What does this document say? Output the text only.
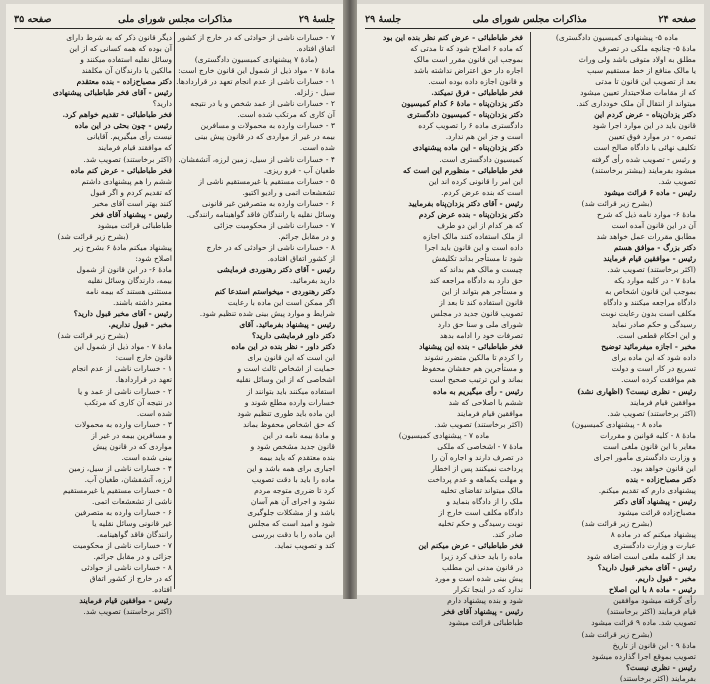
صفحه ۲۴
مذاکرات مجلس شورای ملی
جلسهٔ ۲۹
ماده ۵- پیشنهادی کمیسیون دادگستری)
مادهٔ ۵- چنانچه ملکی در تصرف
مطلق به اولاد متوفی باشد ولی وراث
یا مالک منافع از خط مستقیم سبب
بعد از تصویب این قانون تا مدتی
که از مقامات صلاحیتدار تعیین میشود
میتواند از انتقال آن ملک خودداری کند.
دکتر یزدان‌پناه - عرض کردم این
قانون باید در این موارد اجرا شود
تبصره - در موارد فوق تعیین
تکلیف نهائی با دادگاه صالح است
و رئیس - تصویب شده رأی گرفته
میشود بفرمایند (بیشتر برخاستند)
تصویب شد.
رئیس - ماده ۶ قرائت میشود
(بشرح زیر قرائت شد)
مادهٔ ۶- موارد نامه ذیل که شرح
آن در این قانون آمده است
مطابق مقررات عمل خواهد شد
دکتر بزرگ - موافق هستم
رئیس - موافقین قیام فرمایند
(اکثر برخاستند) تصویب شد.
مادهٔ ۷ - در کلیه موارد یکه
بموجب این قانون اشخاص به
دادگاه مراجعه میکنند و دادگاه
مکلف است بدون رعایت نوبت
رسیدگی و حکم صادر نماید
و این احکام قطعی است.
مخبر - اجازه میفرمائید توضیح
داده شود که این ماده برای
تسریع در کار است و دولت
هم موافقت کرده است.
رئیس - نظری نیست؟ (اظهاری نشد)
موافقین قیام فرمایند
(اکثر برخاستند) تصویب شد.
ماده ۸ - پیشنهادی کمیسیون)
مادهٔ ۸ - کلیه قوانین و مقررات
مغایر با این قانون ملغی است
و وزارت دادگستری مأمور اجرای
این قانون خواهد بود.
دکتر مصباح‌زاده - بنده
پیشنهادی دارم که تقدیم میکنم.
رئیس - پیشنهاد آقای دکتر
مصباح‌زاده قرائت میشود
(بشرح زیر قرائت شد)
پیشنهاد میکنم که در ماده ۸
عبارت و وزارت دادگستری
بعد از کلمه ملغی است اضافه شود
رئیس - آقای مخبر قبول دارید؟
مخبر - قبول داریم.
رئیس - ماده ۸ با این اصلاح
رأی گرفته میشود موافقین
قیام فرمایند (اکثر برخاستند)
تصویب شد. ماده ۹ قرائت میشود
(بشرح زیر قرائت شد)
مادهٔ ۹ - این قانون از تاریخ
تصویب بموقع اجرا گذارده میشود
رئیس - نظری نیست؟
بفرمایند (اکثر برخاستند)
فخر طباطبائی - عرض کنم نظر بنده این بود
که ماده ۶ اصلاح شود که تا مدتی که
بموجب این قانون مقرر است مالک
اجاره دار حق اعتراض نداشته باشد
و قانون اجازه داده بوده است.
فخر طباطبائی - فرق نمیکند.
دکتر یزدان‌پناه - مادهٔ ۶ کدام کمیسیون
دکتر یزدان‌پناه - کمیسیون دادگستری
دادگستری ماده ۶ را تصویب کرده
است و جز این هم ندارد.
دکتر یزدان‌پناه - این ماده پیشنهادی
کمیسیون دادگستری است.
فخر طباطبائی - منظورم این است که
این امر را قانونی کرده اند این
است که بنده عرض کردم.
رئیس - آقای دکتر یزدان‌پناه بفرمایید
دکتر یزدان‌پناه - بنده عرض کردم
که هر کدام از این دو طرف
از ملک استفاده کنند مالک اجازه
داده است و این قانون باید اجرا
شود تا مستأجر بداند تکلیفش
چیست و مالک هم بداند که
حق دارد به دادگاه مراجعه کند
و مستأجر هم بتواند از این
قانون استفاده کند تا بعد از
تصویب قانون جدید در مجلس
شورای ملی و سنا حق دارد
تصرفات خود را ادامه بدهد
فخر طباطبائی - بنده این پیشنهاد
را کردم تا مالکین متضرر نشوند
و مستأجرین هم حقشان محفوظ
بماند و این ترتیب صحیح است
رئیس - رأی میگیریم به ماده
ششم با اصلاحی که شد
موافقین قیام فرمایند
(اکثر برخاستند) تصویب شد.
ماده ۷ - پیشنهادی کمیسیون)
مادهٔ ۷ - اشخاصی که ملکی
در تصرف دارند و اجاره آن را
پرداخت نمیکنند پس از اخطار
و مهلت یکماهه و عدم پرداخت
مالک میتواند تقاضای تخلیه
ملک را از دادگاه بنماید و
دادگاه مکلف است خارج از
نوبت رسیدگی و حکم تخلیه
صادر کند.
فخر طباطبائی - عرض میکنم این
ماده را باید حذف کرد زیرا
در قانون مدنی این مطلب
پیش بینی شده است و مورد
ندارد که در اینجا تکرار
شود و بنده پیشنهاد دارم
رئیس - پیشنهاد آقای فخر
طباطبائی قرائت میشود
جلسهٔ ۲۹
مذاکرات مجلس شورای ملی
صفحه ۳۵
۷ - خسارات ناشی از حوادثی که در خارج از کشور
اتفاق افتاده.
(مادهٔ ۷ پیشنهادی کمیسیون دادگستری)
مادهٔ ۷ - مواد ذیل از شمول این قانون خارج است:
۱ - خسارات ناشی از عدم انجام تعهد در قراردادها.
سیل - زلزله.
۲ - خسارات ناشی از عمد شخص و یا در نتیجه
آن کاری که مرتکب شده است.
۳ - خسارات وارده به محمولات و مسافرین
بیمه در غیر از مواردی که در قانون پیش بینی
شده است.
۴ - خسارات ناشی از سیل، زمین لرزه، آتشفشان.
طغیان آب - فرو ریزی.
۵ - خسارات مستقیم یا غیرمستقیم ناشی از
تشعشعات اتمی و رادیو اکتیو.
۶ - خسارات وارده به متصرفین غیر قانونی
وسائل نقلیه یا رانندگان فاقد گواهینامه رانندگی.
۷ - خسارات ناشی از محکومیت جزائی
و در مقابل جرائم.
۸ - خسارات ناشی از حوادثی که در خارج
از کشور اتفاق افتاده.
رئیس - آقای دکتر رهنوردی فرمایشی
دارید بفرمائید.
دکتر رهنوردی - میخواستم استدعا کنم
اگر ممکن است این ماده با رعایت
شرایط و موارد پیش بینی شده تنظیم شود.
رئیس - پیشنهاد بفرمائید. آقای
دکتر داور فرمایشی دارید؟
دکتر داور - نظر بنده در این ماده
این است که این قانون برای
حمایت از اشخاص ثالث است و
اشخاصی که از این وسائل نقلیه
استفاده میکنند باید بتوانند از
خسارات وارده مطلع شوند و
این ماده باید طوری تنظیم شود
که حق اشخاص محفوظ بماند
و مادهٔ بیمه نامه در این
قانون جدید مشخص شود و
بنده معتقدم که باید بیمه
اجباری برای همه باشد و این
ماده را باید با دقت تصویب
کرد تا ضرری متوجه مردم
نشود و اجرای آن هم آسان
باشد و از مشکلات جلوگیری
شود و امید است که مجلس
این ماده را با دقت بررسی
کند و تصویب نماید.
دیگر قانون ذکر که به شرط دارای
آن بوده که همه کسانی که از این
وسائل نقلیه استفاده میکنند و
مالکین یا دارندگان آن مکلفند
دکتر مصباح‌زاده - بنده معتقدم
رئیس - آقای فخر طباطبائی پیشنهادی
دارید؟
فخر طباطبائی - تقدیم خواهم کرد.
رئیس - چون بحثی در این ماده
نیست رأی میگیریم. آقایانی
که موافقند قیام فرمایند
(اکثر برخاستند) تصویب شد.
فخر طباطبائی - عرض کنم ماده
ششم را هم پیشنهادی داشتم
که تقدیم کردم و اگر قبول
کنند بهتر است آقای مخبر
رئیس - پیشنهاد آقای فخر
طباطبائی قرائت میشود
(بشرح زیر قرائت شد)
پیشنهاد میکنم مادهٔ ۶ بشرح زیر
اصلاح شود:
مادهٔ ۶- در این قانون از شمول
بیمه، دارندگان وسائل نقلیه
مستثنی هستند که بیمه نامه
معتبر داشته باشند.
رئیس - آقای مخبر قبول دارید؟
مخبر - قبول نداریم.
(بشرح زیر قرائت شد)
مادهٔ ۷ - مواد ذیل از شمول این
قانون خارج است:
۱ - خسارات ناشی از عدم انجام
تعهد در قراردادها.
۲ - خسارات ناشی از عمد و یا
در نتیجه آن کاری که مرتکب
شده است.
۳ - خسارات وارده به محمولات
و مسافرین بیمه در غیر از
مواردی که در قانون پیش
بینی شده است.
۴ - خسارات ناشی از سیل، زمین
لرزه، آتشفشان، طغیان آب.
۵ - خسارات مستقیم یا غیرمستقیم
ناشی از تشعشعات اتمی.
۶ - خسارات وارده به متصرفین
غیر قانونی وسائل نقلیه یا
رانندگان فاقد گواهینامه.
۷ - خسارات ناشی از محکومیت
جزائی و در مقابل جرائم.
۸ - خسارات ناشی از حوادثی
که در خارج از کشور اتفاق
افتاده.
رئیس - موافقین قیام فرمایند
(اکثر برخاستند) تصویب شد.
